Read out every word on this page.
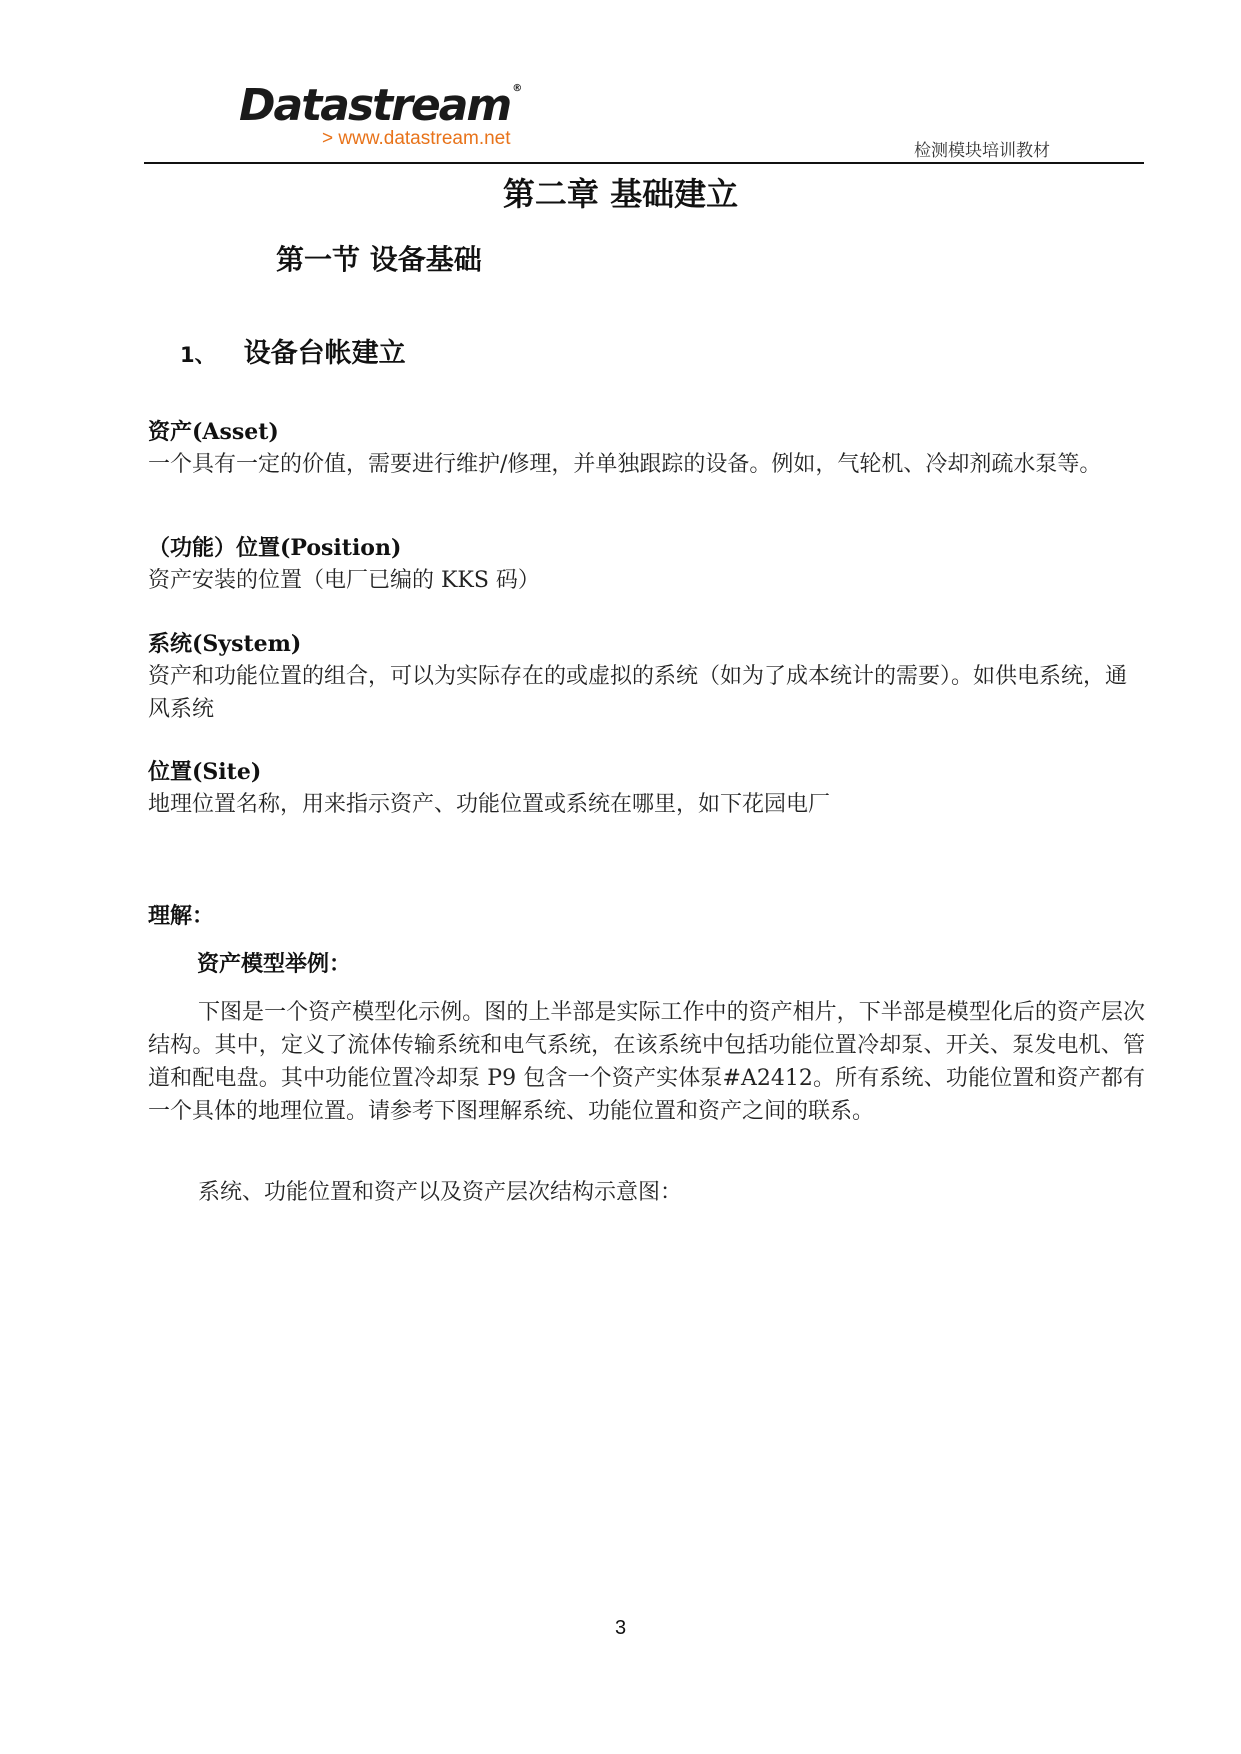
Datastream ®
> www.datastream.net
检测模块培训教材
第二章 基础建立
第一节 设备基础
1、 设备台帐建立
资产(Asset)
一个具有一定的价值，需要进行维护/修理，并单独跟踪的设备。例如，气轮机、冷却剂疏水泵等。
（功能）位置(Position)
资产安装的位置（电厂已编的 KKS 码）
系统(System)
资产和功能位置的组合，可以为实际存在的或虚拟的系统（如为了成本统计的需要）。如供电系统，通风系统
位置(Site)
地理位置名称，用来指示资产、功能位置或系统在哪里，如下花园电厂
理解：
资产模型举例：
下图是一个资产模型化示例。图的上半部是实际工作中的资产相片，下半部是模型化后的资产层次结构。其中，定义了流体传输系统和电气系统，在该系统中包括功能位置冷却泵、开关、泵发电机、管道和配电盘。其中功能位置冷却泵 P9 包含一个资产实体泵#A2412。所有系统、功能位置和资产都有一个具体的地理位置。请参考下图理解系统、功能位置和资产之间的联系。
系统、功能位置和资产以及资产层次结构示意图：
3
